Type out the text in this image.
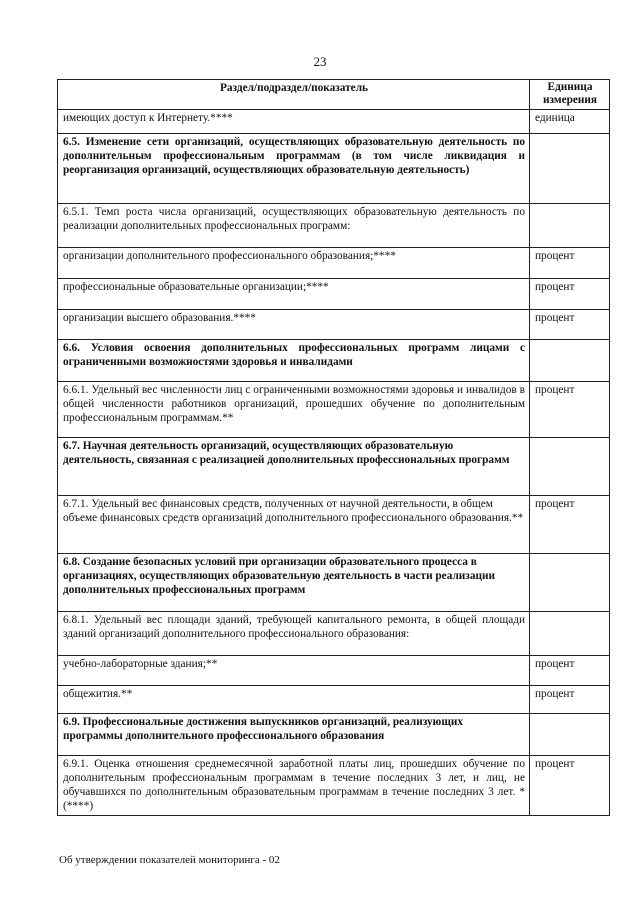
23
Раздел/подраздел/показатель	Единица измерения
имеющих доступ к Интернету.****	единица
6.5. Изменение сети организаций, осуществляющих образовательную деятельность по дополнительным профессиональным программам (в том числе ликвидация и реорганизация организаций, осуществляющих образовательную деятельность)	
6.5.1. Темп роста числа организаций, осуществляющих образовательную деятельность по реализации дополнительных профессиональных программ:	
организации дополнительного профессионального образования;****	процент
профессиональные образовательные организации;****	процент
организации высшего образования.****	процент
6.6. Условия освоения дополнительных профессиональных программ лицами с ограниченными возможностями здоровья и инвалидами	
6.6.1. Удельный вес численности лиц с ограниченными возможностями здоровья и инвалидов в общей численности работников организаций, прошедших обучение по дополнительным профессиональным программам.**	процент
6.7. Научная деятельность организаций, осуществляющих образовательную деятельность, связанная с реализацией дополнительных профессиональных программ	
6.7.1. Удельный вес финансовых средств, полученных от научной деятельности, в общем объеме финансовых средств организаций дополнительного профессионального образования.**	процент
6.8. Создание безопасных условий при организации образовательного процесса в организациях, осуществляющих образовательную деятельность в части реализации дополнительных профессиональных программ	
6.8.1. Удельный вес площади зданий, требующей капитального ремонта, в общей площади зданий организаций дополнительного профессионального образования:	
учебно-лабораторные здания;**	процент
общежития.**	процент
6.9. Профессиональные достижения выпускников организаций, реализующих программы дополнительного профессионального образования	
6.9.1. Оценка отношения среднемесячной заработной платы лиц, прошедших обучение по дополнительным профессиональным программам в течение последних 3 лет, и лиц, не обучавшихся по дополнительным образовательным программам в течение последних 3 лет. * (****)	процент
Об утверждении показателей мониторинга - 02
